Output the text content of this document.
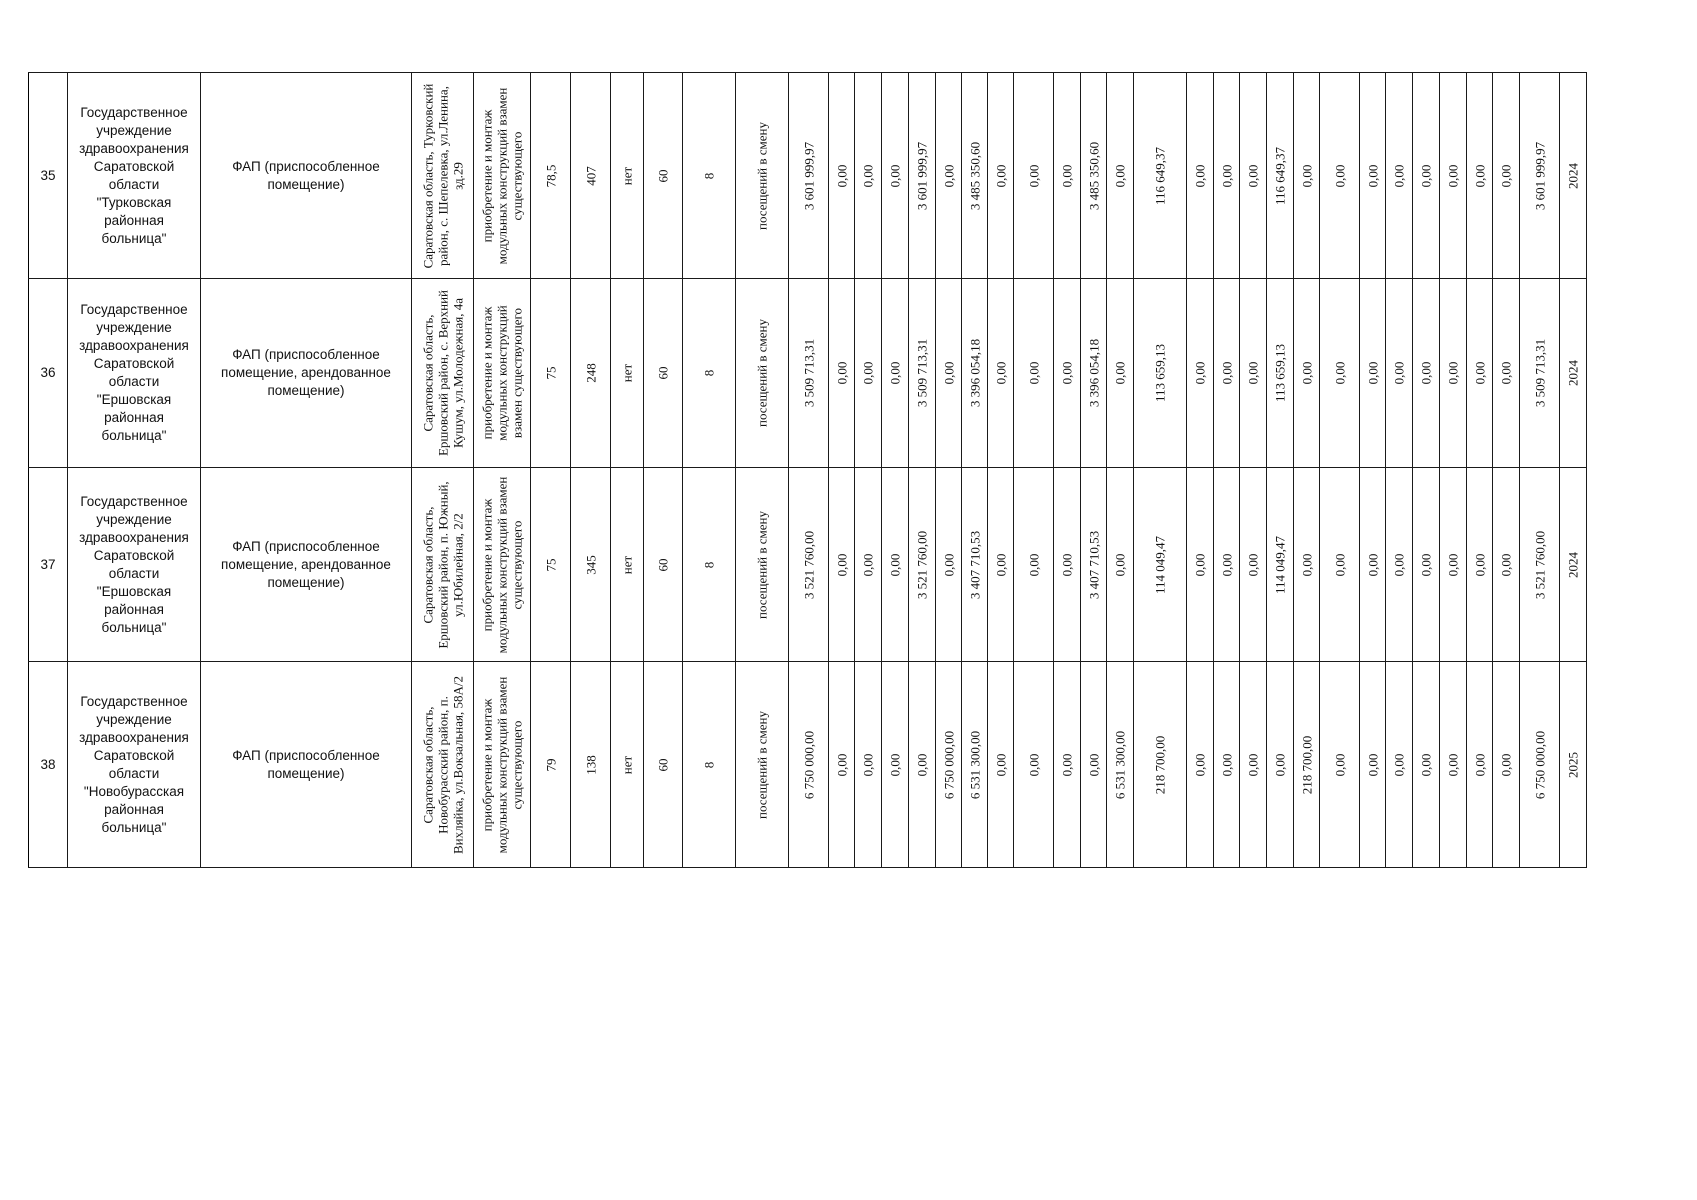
35	Государственное учреждение здравоохранения Саратовской области "Турковская районная больница"	ФАП (приспособленное помещение)	Саратовская область, Турковский район, с. Шепелевка, ул.Ленина, зд.29	приобретение и монтаж модульных конструкций взамен существующего	78,5	407	нет	60	8	посещений в смену	3 601 999,97	0,00	0,00	0,00	3 601 999,97	0,00	3 485 350,60	0,00	0,00	0,00	3 485 350,60	0,00	116 649,37	0,00	0,00	0,00	116 649,37	0,00	0,00	0,00	0,00	0,00	0,00	0,00	0,00	3 601 999,97	2024

36	Государственное учреждение здравоохранения Саратовской области "Ершовская районная больница"	ФАП (приспособленное помещение, арендованное помещение)	Саратовская область, Ершовский район, с. Верхний Кушум, ул.Молодежная, 4а	приобретение и монтаж модульных конструкций взамен существующего	75	248	нет	60	8	посещений в смену	3 509 713,31	0,00	0,00	0,00	3 509 713,31	0,00	3 396 054,18	0,00	0,00	0,00	3 396 054,18	0,00	113 659,13	0,00	0,00	0,00	113 659,13	0,00	0,00	0,00	0,00	0,00	0,00	0,00	0,00	3 509 713,31	2024

37	Государственное учреждение здравоохранения Саратовской области "Ершовская районная больница"	ФАП (приспособленное помещение, арендованное помещение)	Саратовская область, Ершовский район, п. Южный, ул.Юбилейная, 2/2	приобретение и монтаж модульных конструкций взамен существующего	75	345	нет	60	8	посещений в смену	3 521 760,00	0,00	0,00	0,00	3 521 760,00	0,00	3 407 710,53	0,00	0,00	0,00	3 407 710,53	0,00	114 049,47	0,00	0,00	0,00	114 049,47	0,00	0,00	0,00	0,00	0,00	0,00	0,00	0,00	3 521 760,00	2024

38	Государственное учреждение здравоохранения Саратовской области "Новобурасская районная больница"	ФАП (приспособленное помещение)	Саратовская область, Новобурасский район, п. Вихляйка, ул.Вокзальная, 58А/2	приобретение и монтаж модульных конструкций взамен существующего	79	138	нет	60	8	посещений в смену	6 750 000,00	0,00	0,00	0,00	0,00	6 750 000,00	6 531 300,00	0,00	0,00	0,00	0,00	6 531 300,00	218 700,00	0,00	0,00	0,00	0,00	218 700,00	0,00	0,00	0,00	0,00	0,00	0,00	0,00	6 750 000,00	2025
